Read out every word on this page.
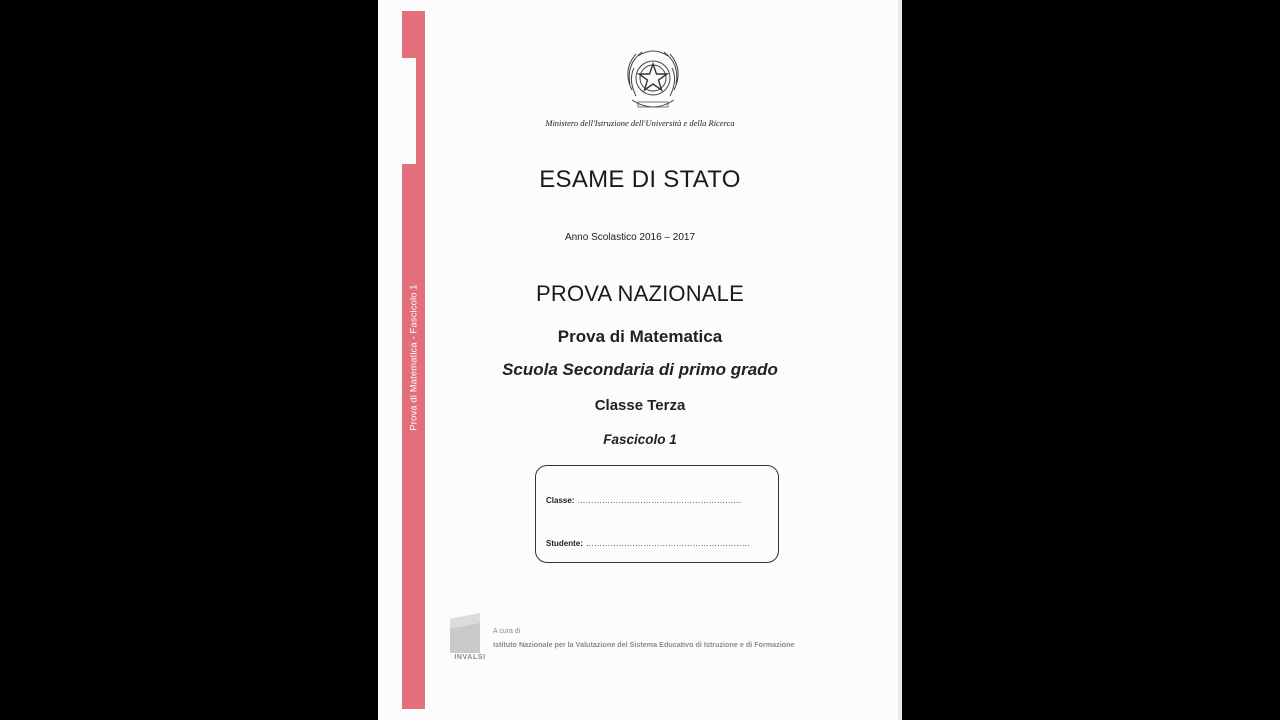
Prova di Matematica - Fascicolo 1
Ministero dell'Istruzione dell'Università e della Ricerca
ESAME DI STATO
Anno Scolastico 2016 – 2017
PROVA NAZIONALE
Prova di Matematica
Scuola Secondaria di primo grado
Classe Terza
Fascicolo 1
Classe: ……………………………………………………
Studente: ……………………………………………………
INVALSI
A cura di
Istituto Nazionale per la Valutazione del Sistema Educativo di Istruzione e di Formazione
